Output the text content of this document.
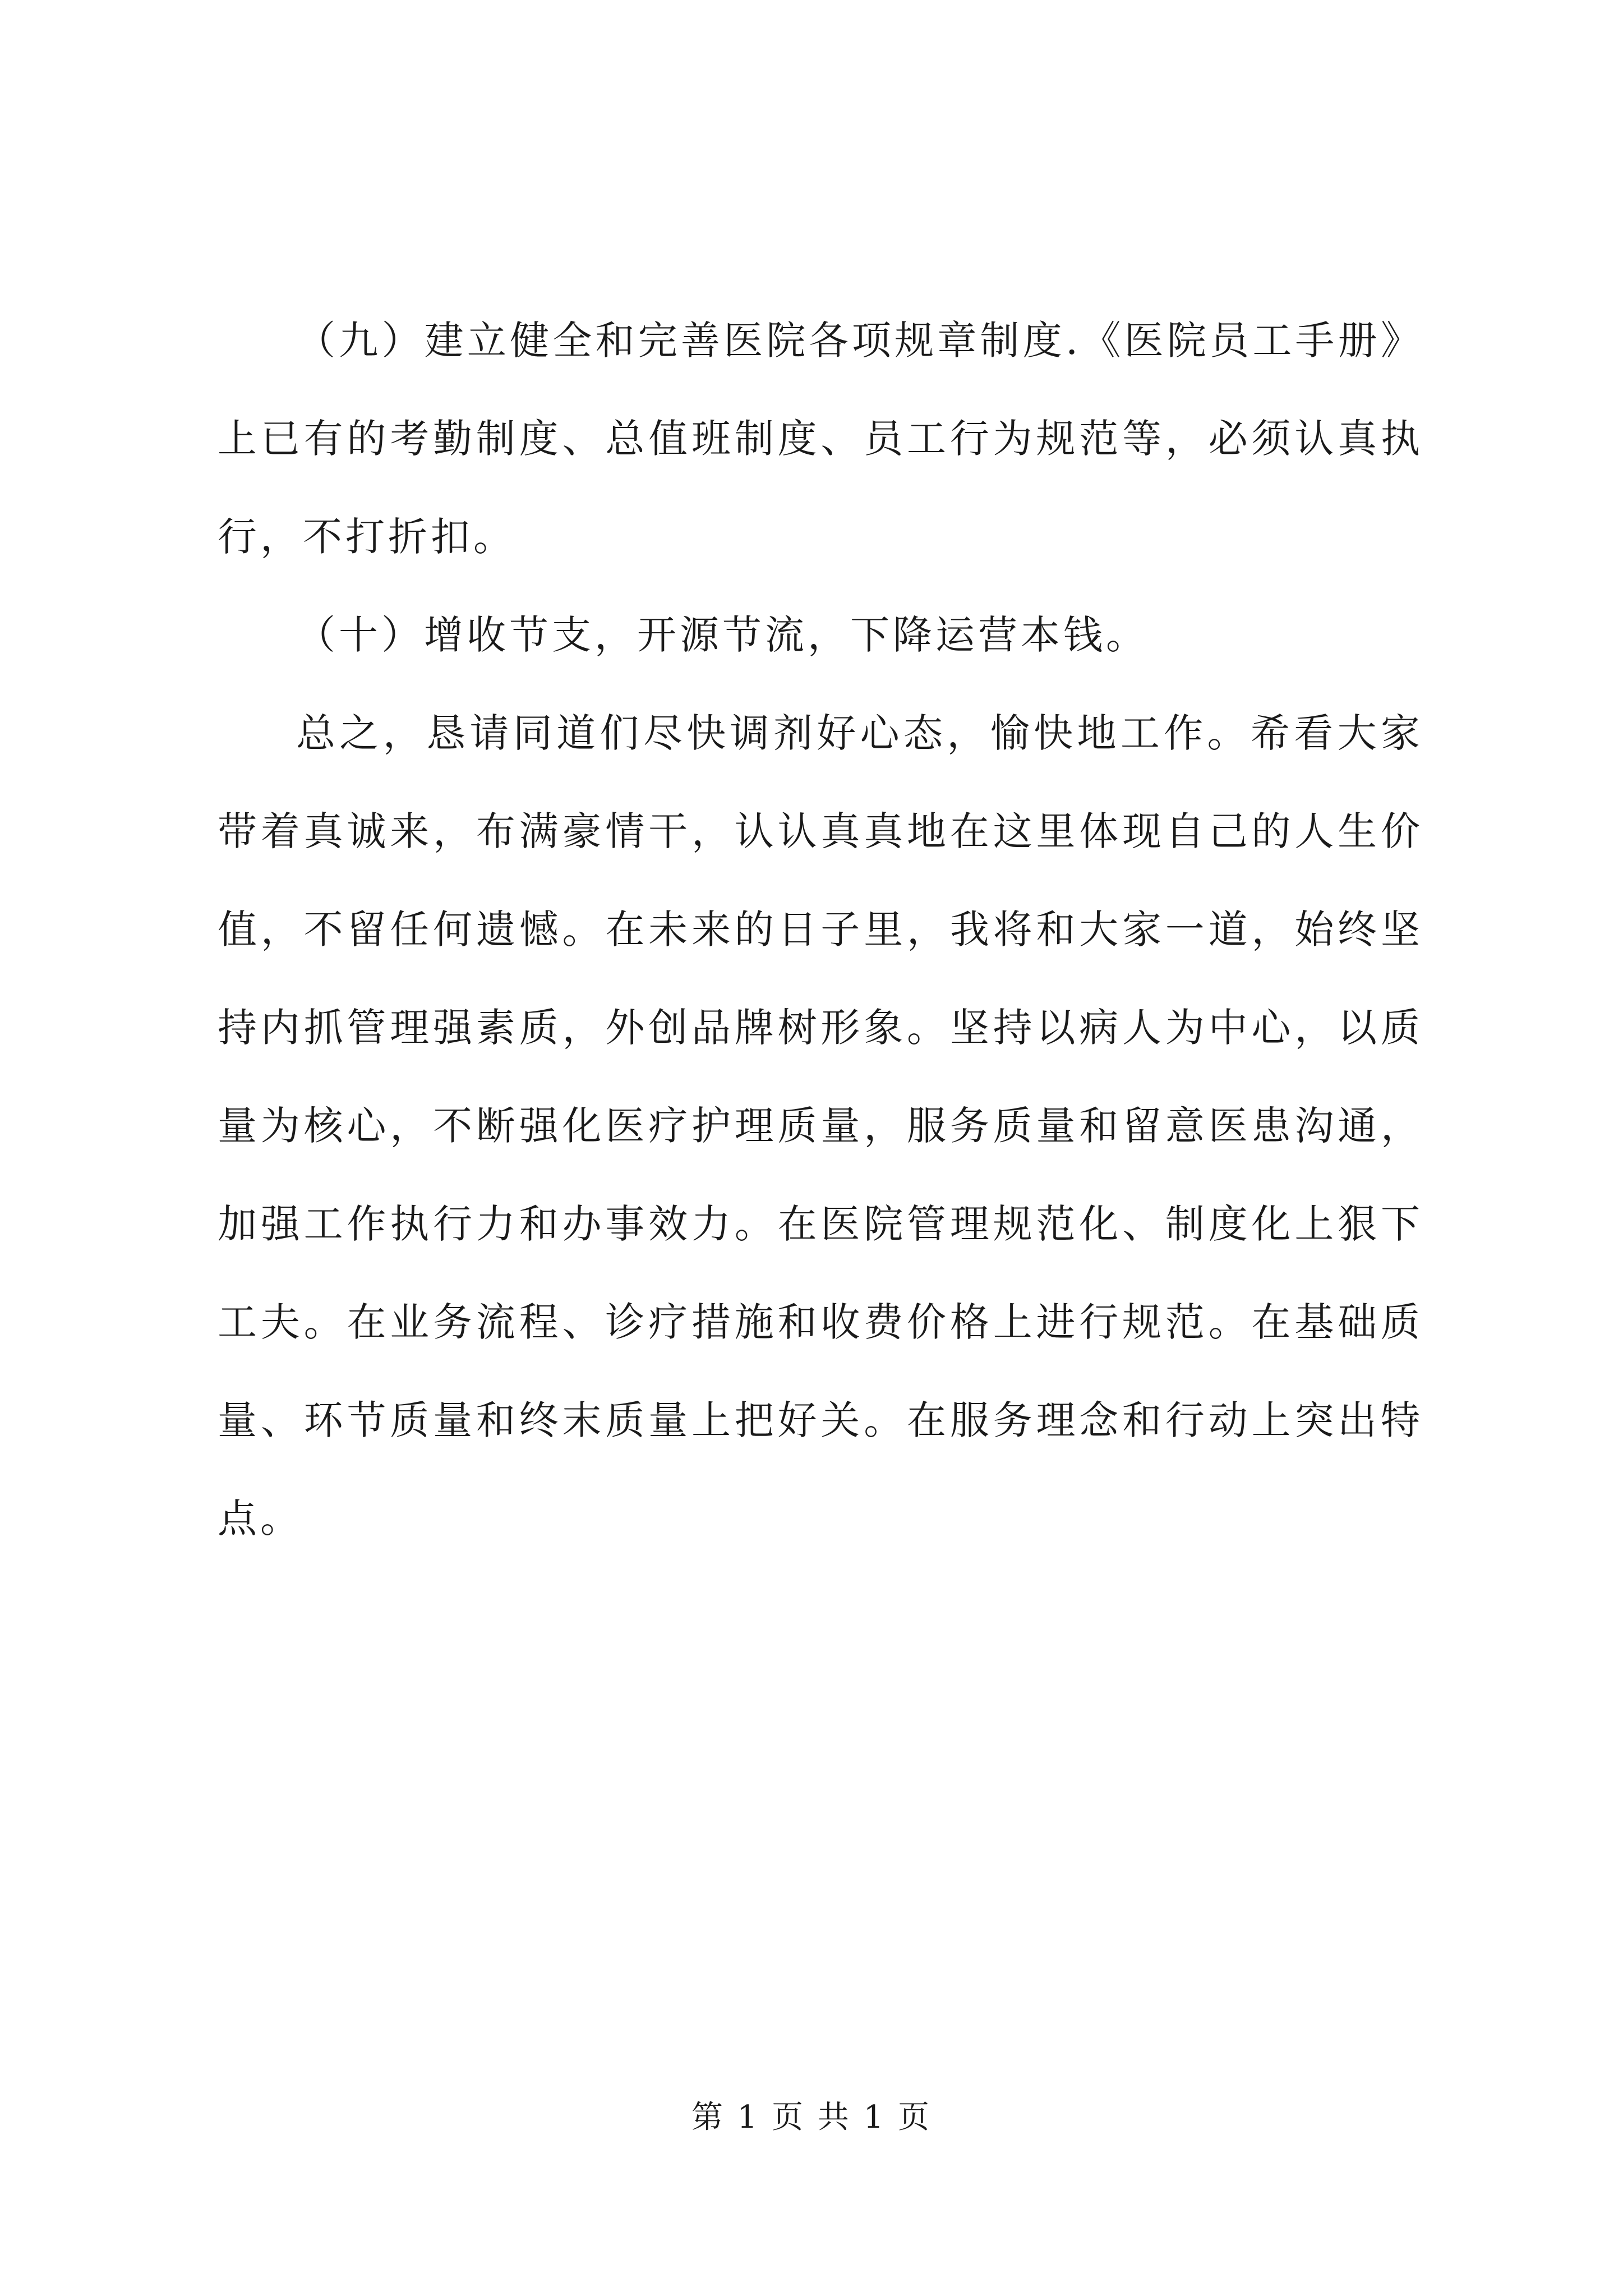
（九）建立健全和完善医院各项规章制度.《医院员工手册》上已有的考勤制度、总值班制度、员工行为规范等，必须认真执行，不打折扣。

（十）增收节支，开源节流，下降运营本钱。

总之，恳请同道们尽快调剂好心态，愉快地工作。希看大家带着真诚来，布满豪情干，认认真真地在这里体现自己的人生价值，不留任何遗憾。在未来的日子里，我将和大家一道，始终坚持内抓管理强素质，外创品牌树形象。坚持以病人为中心，以质量为核心，不断强化医疗护理质量，服务质量和留意医患沟通，加强工作执行力和办事效力。在医院管理规范化、制度化上狠下工夫。在业务流程、诊疗措施和收费价格上进行规范。在基础质量、环节质量和终末质量上把好关。在服务理念和行动上突出特点。

第 1 页 共 1 页
